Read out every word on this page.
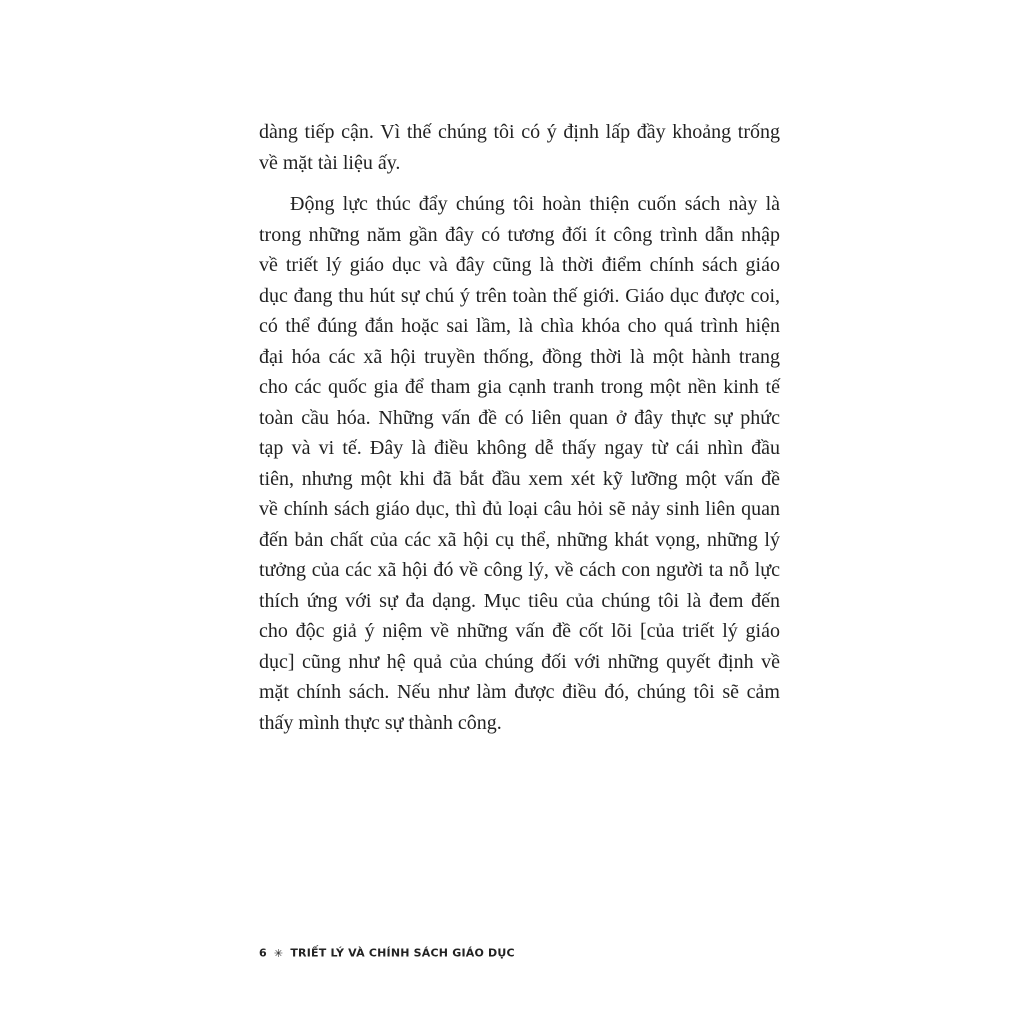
dàng tiếp cận. Vì thế chúng tôi có ý định lấp đầy khoảng trống
về mặt tài liệu ấy.
Động lực thúc đẩy chúng tôi hoàn thiện cuốn sách này là
trong những năm gần đây có tương đối ít công trình dẫn nhập
về triết lý giáo dục và đây cũng là thời điểm chính sách giáo
dục đang thu hút sự chú ý trên toàn thế giới. Giáo dục được coi,
có thể đúng đắn hoặc sai lầm, là chìa khóa cho quá trình hiện
đại hóa các xã hội truyền thống, đồng thời là một hành trang
cho các quốc gia để tham gia cạnh tranh trong một nền kinh tế
toàn cầu hóa. Những vấn đề có liên quan ở đây thực sự phức
tạp và vi tế. Đây là điều không dễ thấy ngay từ cái nhìn đầu
tiên, nhưng một khi đã bắt đầu xem xét kỹ lưỡng một vấn đề
về chính sách giáo dục, thì đủ loại câu hỏi sẽ nảy sinh liên quan
đến bản chất của các xã hội cụ thể, những khát vọng, những lý
tưởng của các xã hội đó về công lý, về cách con người ta nỗ lực
thích ứng với sự đa dạng. Mục tiêu của chúng tôi là đem đến
cho độc giả ý niệm về những vấn đề cốt lõi [của triết lý giáo
dục] cũng như hệ quả của chúng đối với những quyết định về
mặt chính sách. Nếu như làm được điều đó, chúng tôi sẽ cảm
thấy mình thực sự thành công.
6 ✳ TRIẾT LÝ VÀ CHÍNH SÁCH GIÁO DỤC
